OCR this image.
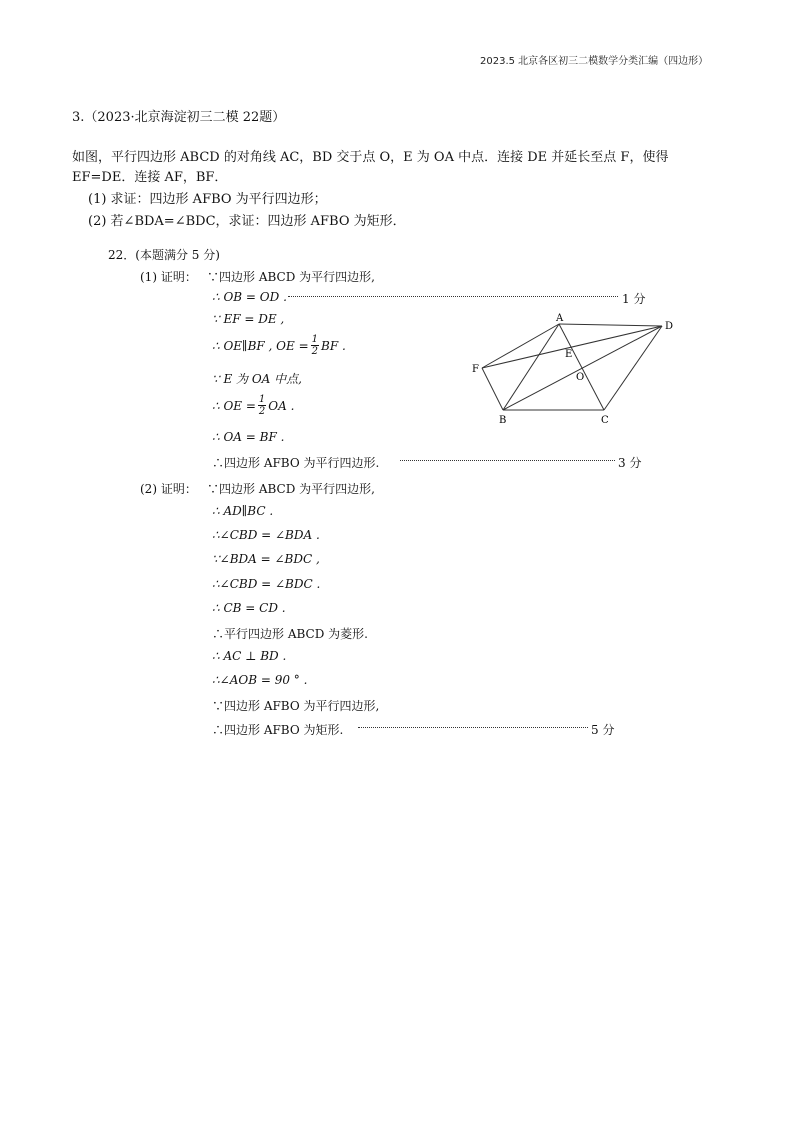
2023.5 北京各区初三二模数学分类汇编（四边形）
3.（2023·北京海淀初三二模 22题）
如图，平行四边形 ABCD 的对角线 AC，BD 交于点 O，E 为 OA 中点．连接 DE 并延长至点 F，使得
EF=DE．连接 AF，BF．
(1) 求证：四边形 AFBO 为平行四边形；
(2) 若∠BDA=∠BDC，求证：四边形 AFBO 为矩形．
22．(本题满分 5 分)
(1) 证明： ∵四边形 ABCD 为平行四边形,
∴ OB = OD .	1 分
∵ EF = DE ,
∴ OE∥BF , OE = $\frac{1}{2}$ BF .
∵ E 为 OA 中点,
∴ OE = $\frac{1}{2}$ OA .
∴ OA = BF .
∴四边形 AFBO 为平行四边形.	3 分
(2) 证明： ∵四边形 ABCD 为平行四边形,
∴ AD∥BC .
∴∠CBD = ∠BDA .
∵∠BDA = ∠BDC ,
∴∠CBD = ∠BDC .
∴ CB = CD .
∴平行四边形 ABCD 为菱形.
∴ AC ⊥ BD .
∴∠AOB = 90 ° .
∵四边形 AFBO 为平行四边形,
∴四边形 AFBO 为矩形.	5 分
A
D
F
E
O
B	C
